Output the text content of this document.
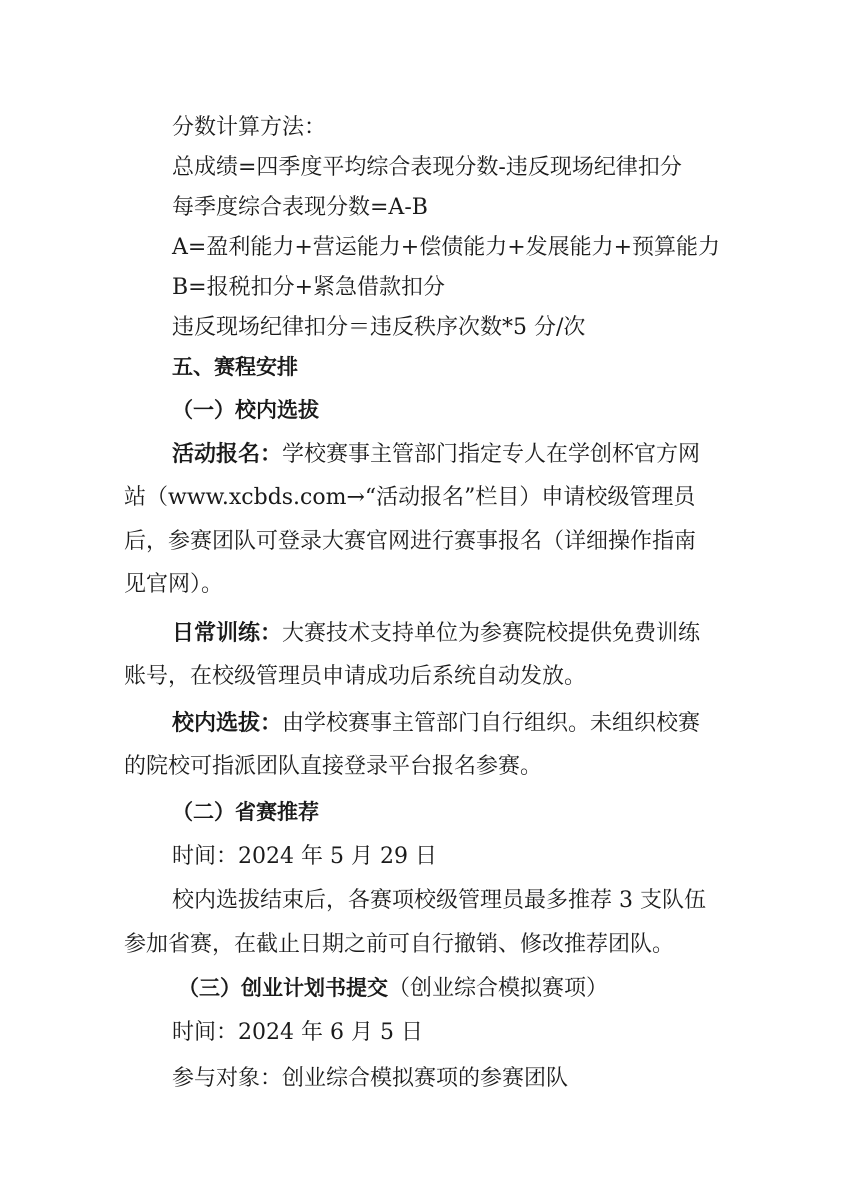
分数计算方法：
总成绩=四季度平均综合表现分数-违反现场纪律扣分
每季度综合表现分数=A-B
A=盈利能力+营运能力+偿债能力+发展能力+预算能力
B=报税扣分+紧急借款扣分
违反现场纪律扣分＝违反秩序次数*5 分/次
五、赛程安排
（一）校内选拔
活动报名：学校赛事主管部门指定专人在学创杯官方网
站（www.xcbds.com→“活动报名”栏目）申请校级管理员
后，参赛团队可登录大赛官网进行赛事报名（详细操作指南
见官网）。
日常训练：大赛技术支持单位为参赛院校提供免费训练
账号，在校级管理员申请成功后系统自动发放。
校内选拔：由学校赛事主管部门自行组织。未组织校赛
的院校可指派团队直接登录平台报名参赛。
（二）省赛推荐
时间：2024 年 5 月 29 日
校内选拔结束后，各赛项校级管理员最多推荐 3 支队伍
参加省赛，在截止日期之前可自行撤销、修改推荐团队。
（三）创业计划书提交（创业综合模拟赛项）
时间：2024 年 6 月 5 日
参与对象：创业综合模拟赛项的参赛团队
